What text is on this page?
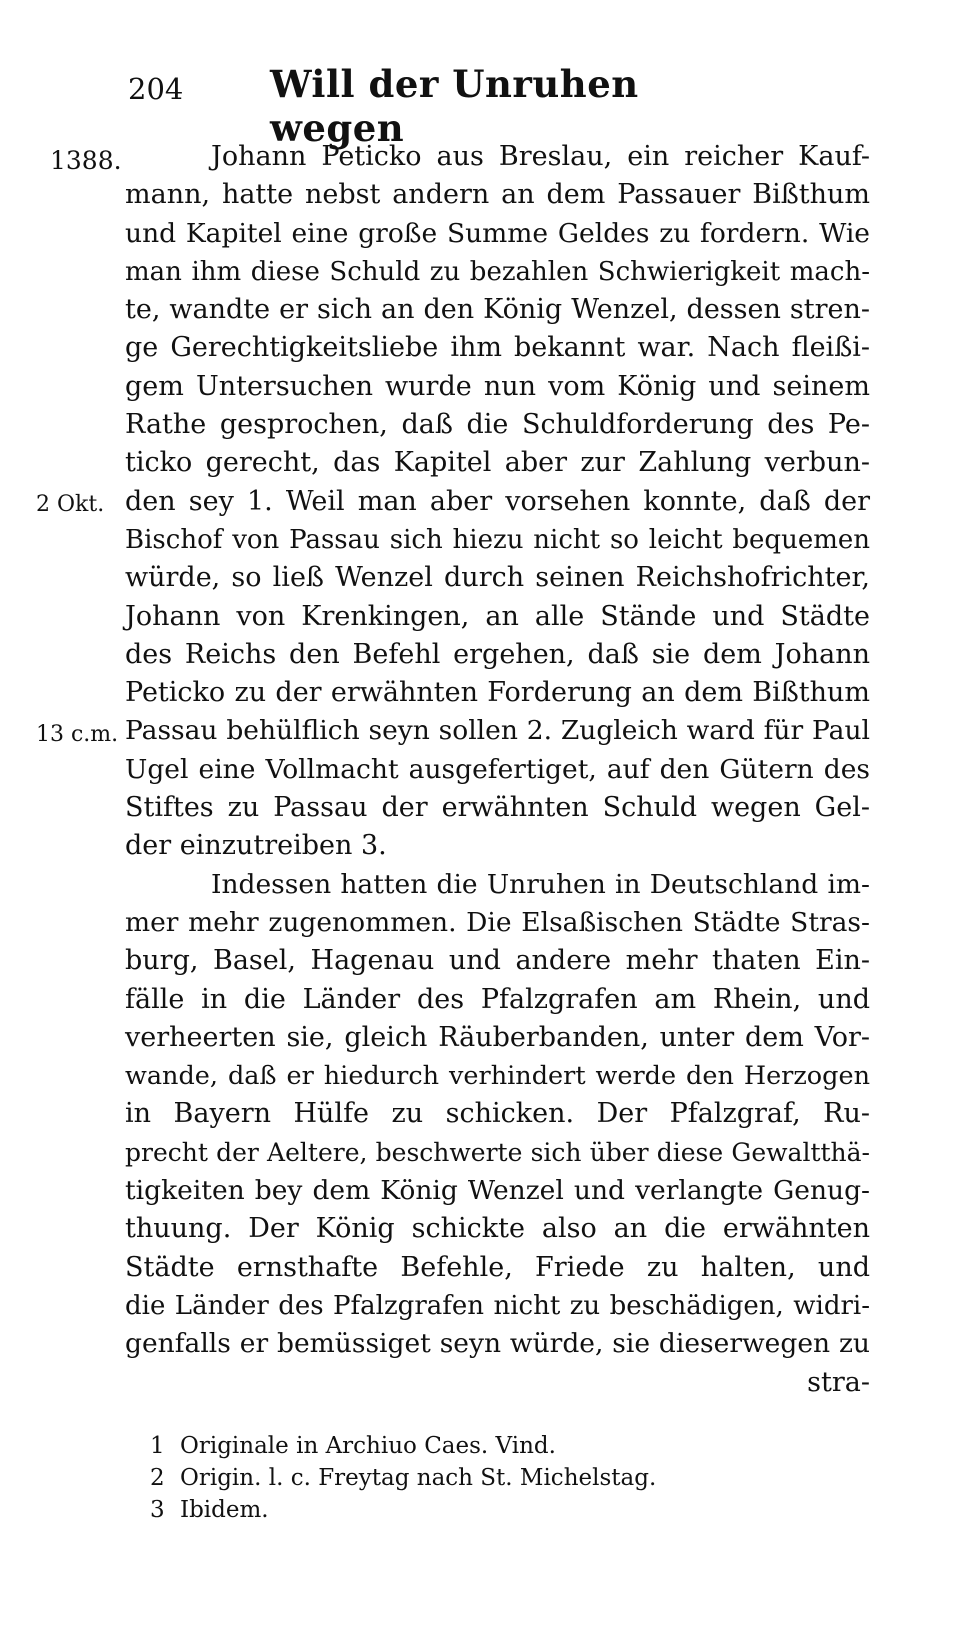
204 Will der Unruhen wegen
1388.
2 Okt.
13 c.m.
Johann Peticko aus Breslau, ein reicher Kauf-
mann, hatte nebst andern an dem Passauer Bißthum
und Kapitel eine große Summe Geldes zu fordern. Wie
man ihm diese Schuld zu bezahlen Schwierigkeit mach-
te, wandte er sich an den König Wenzel, dessen stren-
ge Gerechtigkeitsliebe ihm bekannt war. Nach fleißi-
gem Untersuchen wurde nun vom König und seinem
Rathe gesprochen, daß die Schuldforderung des Pe-
ticko gerecht, das Kapitel aber zur Zahlung verbun-
den sey 1. Weil man aber vorsehen konnte, daß der
Bischof von Passau sich hiezu nicht so leicht bequemen
würde, so ließ Wenzel durch seinen Reichshofrichter,
Johann von Krenkingen, an alle Stände und Städte
des Reichs den Befehl ergehen, daß sie dem Johann
Peticko zu der erwähnten Forderung an dem Bißthum
Passau behülflich seyn sollen 2. Zugleich ward für Paul
Ugel eine Vollmacht ausgefertiget, auf den Gütern des
Stiftes zu Passau der erwähnten Schuld wegen Gel-
der einzutreiben 3.
Indessen hatten die Unruhen in Deutschland im-
mer mehr zugenommen. Die Elsaßischen Städte Stras-
burg, Basel, Hagenau und andere mehr thaten Ein-
fälle in die Länder des Pfalzgrafen am Rhein, und
verheerten sie, gleich Räuberbanden, unter dem Vor-
wande, daß er hiedurch verhindert werde den Herzogen
in Bayern Hülfe zu schicken. Der Pfalzgraf, Ru-
precht der Aeltere, beschwerte sich über diese Gewaltthä-
tigkeiten bey dem König Wenzel und verlangte Genug-
thuung. Der König schickte also an die erwähnten
Städte ernsthafte Befehle, Friede zu halten, und
die Länder des Pfalzgrafen nicht zu beschädigen, widri-
genfalls er bemüssiget seyn würde, sie dieserwegen zu
stra-
1 Originale in Archiuo Caes. Vind.
2 Origin. l. c. Freytag nach St. Michelstag.
3 Ibidem.
